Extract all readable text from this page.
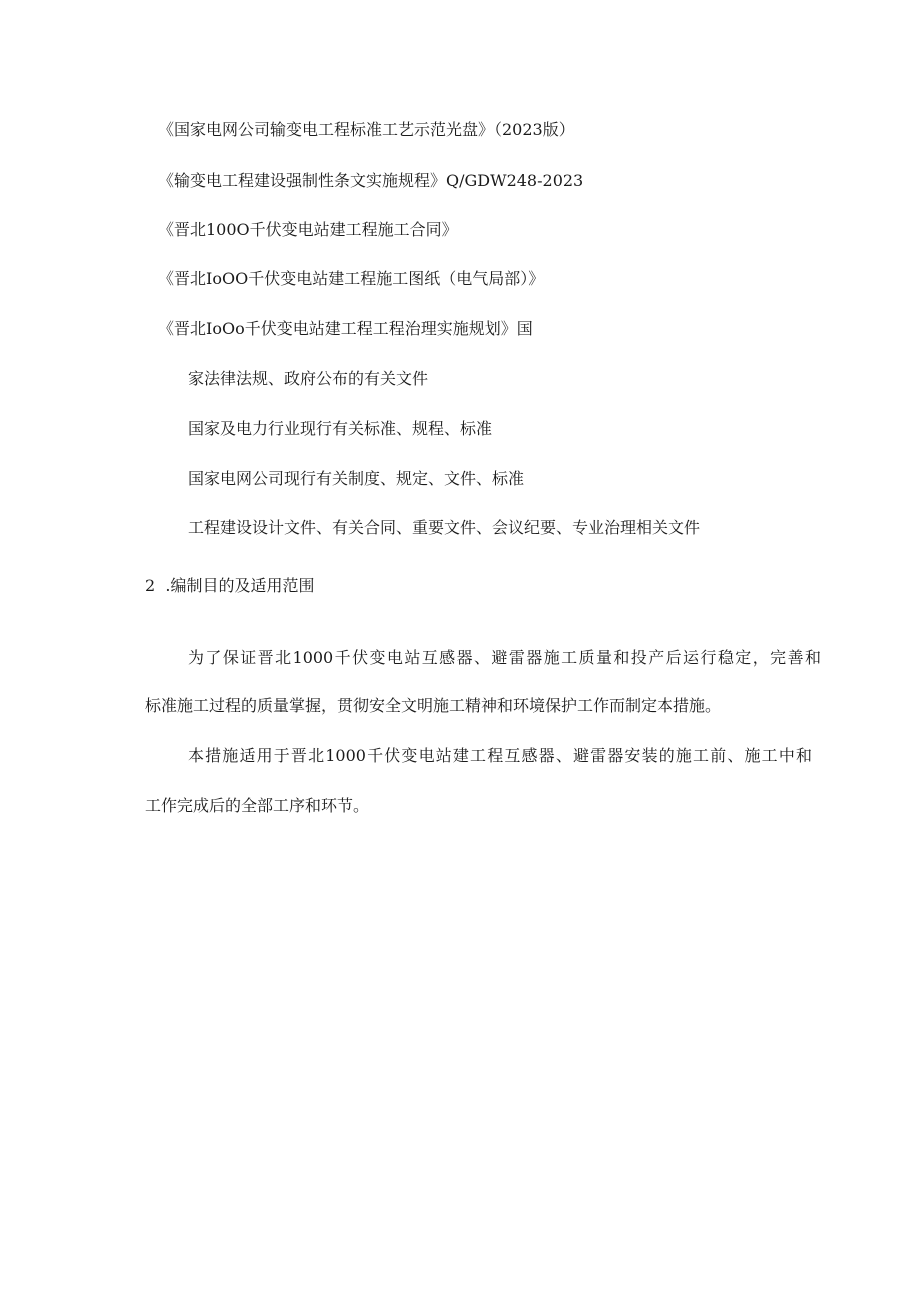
《国家电网公司输变电工程标准工艺示范光盘》（2023版）
《输变电工程建设强制性条文实施规程》Q/GDW248-2023
《晋北100O千伏变电站建工程施工合同》
《晋北IoOO千伏变电站建工程施工图纸（电气局部）》
《晋北IoOo千伏变电站建工程工程治理实施规划》国
家法律法规、政府公布的有关文件
国家及电力行业现行有关标准、规程、标准
国家电网公司现行有关制度、规定、文件、标准
工程建设设计文件、有关合同、重要文件、会议纪要、专业治理相关文件
2 .编制目的及适用范围
为了保证晋北1000千伏变电站互感器、避雷器施工质量和投产后运行稳定，完善和
标准施工过程的质量掌握，贯彻安全文明施工精神和环境保护工作而制定本措施。
本措施适用于晋北1000千伏变电站建工程互感器、避雷器安装的施工前、施工中和
工作完成后的全部工序和环节。
